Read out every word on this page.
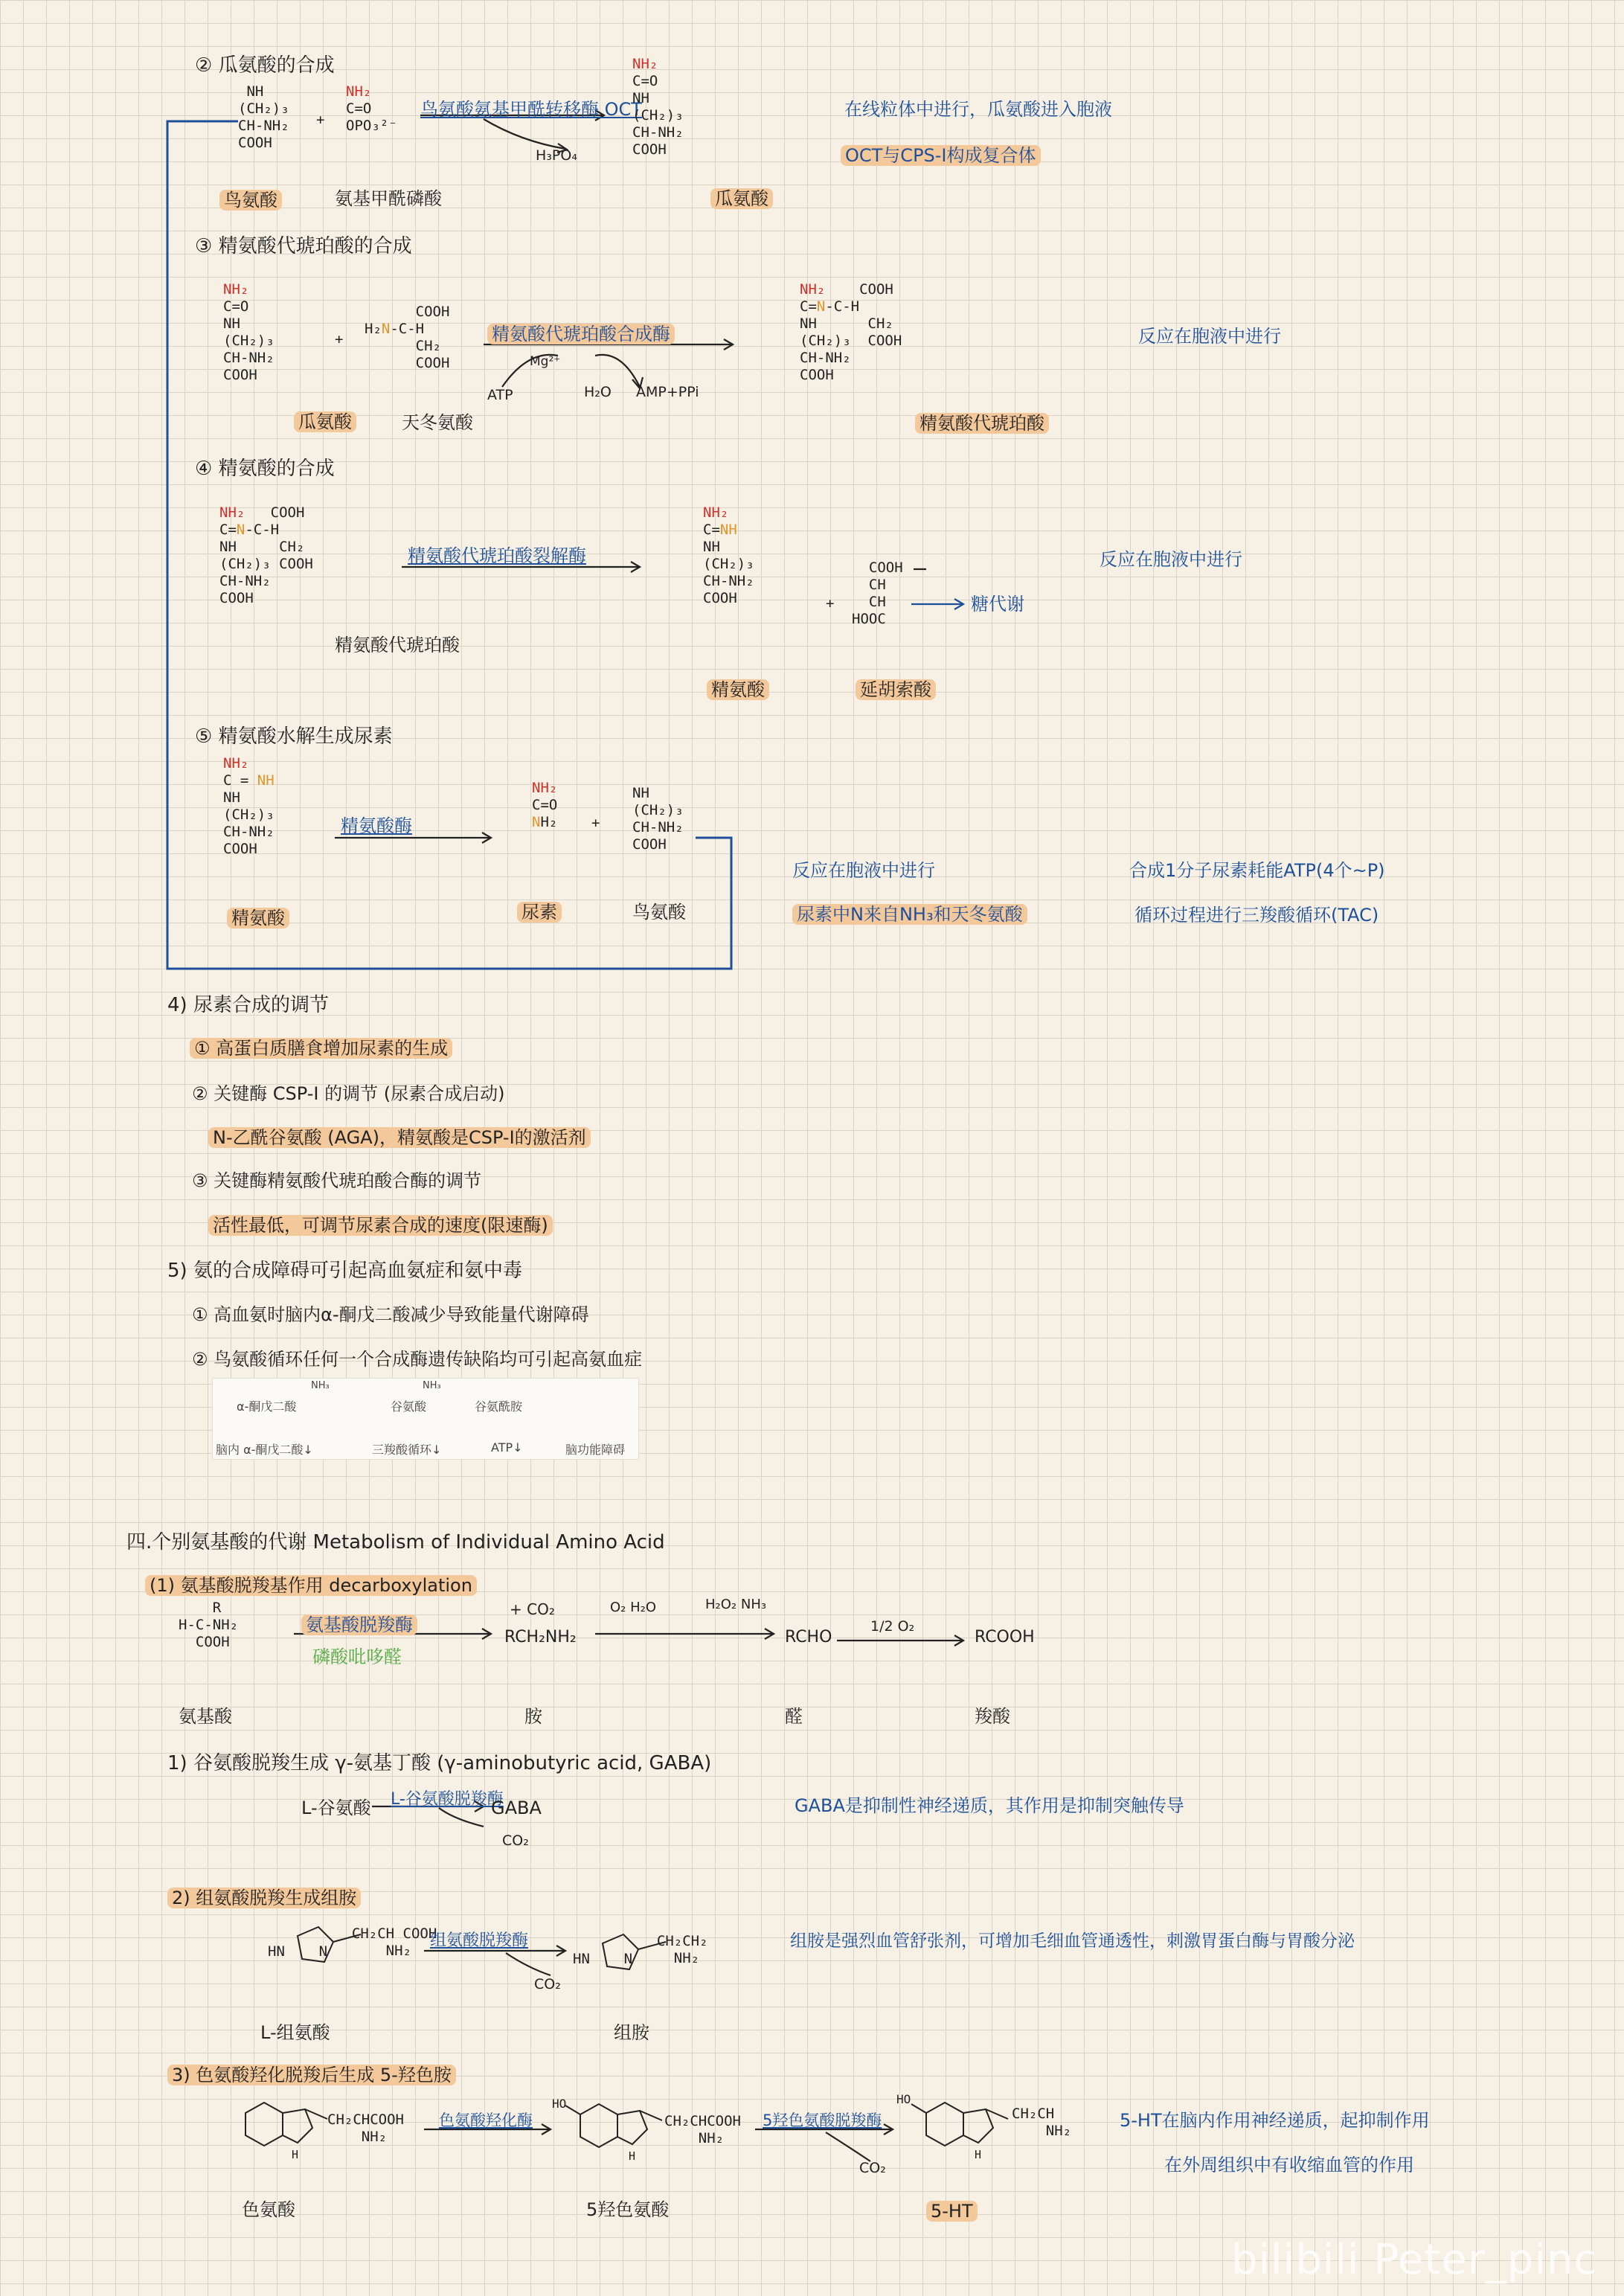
② 瓜氨酸的合成
NH
(CH₂)₃
CH-NH₂
COOH
+
NH₂
C=O
OPO₃²⁻
鸟氨酸氨基甲酰转移酶 OCT
H₃PO₄
NH₂
C=O
NH
(CH₂)₃
CH-NH₂
COOH
鸟氨酸	氨基甲酰磷酸	瓜氨酸
在线粒体中进行，瓜氨酸进入胞液
OCT与CPS-Ⅰ构成复合体
③ 精氨酸代琥珀酸的合成
NH₂
C=O
NH
(CH₂)₃
CH-NH₂
COOH
+
COOH
H₂N-C-H
CH₂
COOH
精氨酸代琥珀酸合成酶
Mg²⁺
ATP	H₂O AMP+PPi
NH₂    COOH
C=N-C-H
NH      CH₂
(CH₂)₃  COOH
CH-NH₂
COOH
瓜氨酸	天冬氨酸	精氨酸代琥珀酸
反应在胞液中进行
④ 精氨酸的合成
NH₂   COOH
C=N-C-H
NH     CH₂
(CH₂)₃ COOH
CH-NH₂
COOH
精氨酸代琥珀酸裂解酶
精氨酸代琥珀酸
NH₂
C=NH
NH
(CH₂)₃
CH-NH₂
COOH	+
COOH
CH
CH
HOOC
糖代谢
精氨酸	延胡索酸
反应在胞液中进行
⑤ 精氨酸水解生成尿素
NH₂
C = NH
NH
(CH₂)₃
CH-NH₂
COOH
精氨酸酶
NH₂
C=O
NH₂ +
NH
(CH₂)₃
CH-NH₂
COOH
精氨酸	尿素	鸟氨酸
反应在胞液中进行
尿素中N来自NH₃和天冬氨酸
合成1分子尿素耗能ATP(4个~P)
循环过程进行三羧酸循环(TAC)
4) 尿素合成的调节
① 高蛋白质膳食增加尿素的生成
② 关键酶 CSP-Ⅰ 的调节 (尿素合成启动)
N-乙酰谷氨酸 (AGA)，精氨酸是CSP-Ⅰ的激活剂
③ 关键酶精氨酸代琥珀酸合酶的调节
活性最低，可调节尿素合成的速度(限速酶)
5) 氨的合成障碍可引起高血氨症和氨中毒
① 高血氨时脑内α-酮戊二酸减少导致能量代谢障碍
② 鸟氨酸循环任何一个合成酶遗传缺陷均可引起高氨血症
α-酮戊二酸
NH₃
谷氨酸
NH₃
谷氨酰胺
脑内 α-酮戊二酸↓	三羧酸循环↓	ATP↓	脑功能障碍
四.个别氨基酸的代谢 Metabolism of Individual Amino Acid
(1) 氨基酸脱羧基作用 decarboxylation
R
H-C-NH₂
COOH
氨基酸脱羧酶
磷酸吡哆醛
+ CO₂
RCH₂NH₂
O₂ H₂O	H₂O₂ NH₃
RCHO
1/2 O₂
RCOOH
氨基酸	胺	醛	羧酸
1) 谷氨酸脱羧生成 γ-氨基丁酸 (γ-aminobutyric acid, GABA)
L-谷氨酸 L-谷氨酸脱羧酶
GABA
CO₂
GABA是抑制性神经递质，其作用是抑制突触传导
2) 组氨酸脱羧生成组胺
CH₂CH COOH
NH₂
HN    N
组氨酸脱羧酶
CO₂
CH₂CH₂
NH₂
HN    N
L-组氨酸	组胺
组胺是强烈血管舒张剂，可增加毛细血管通透性，刺激胃蛋白酶与胃酸分泌
3) 色氨酸羟化脱羧后生成 5-羟色胺
CH₂CHCOOH
NH₂
H
色氨酸羟化酶
HO
CH₂CHCOOH
NH₂
H
5羟色氨酸脱羧酶
CO₂
HO
CH₂CH
NH₂
H
色氨酸	5羟色氨酸	5-HT
5-HT在脑内作用神经递质，起抑制作用
在外周组织中有收缩血管的作用
bilibili Peter_pinc
